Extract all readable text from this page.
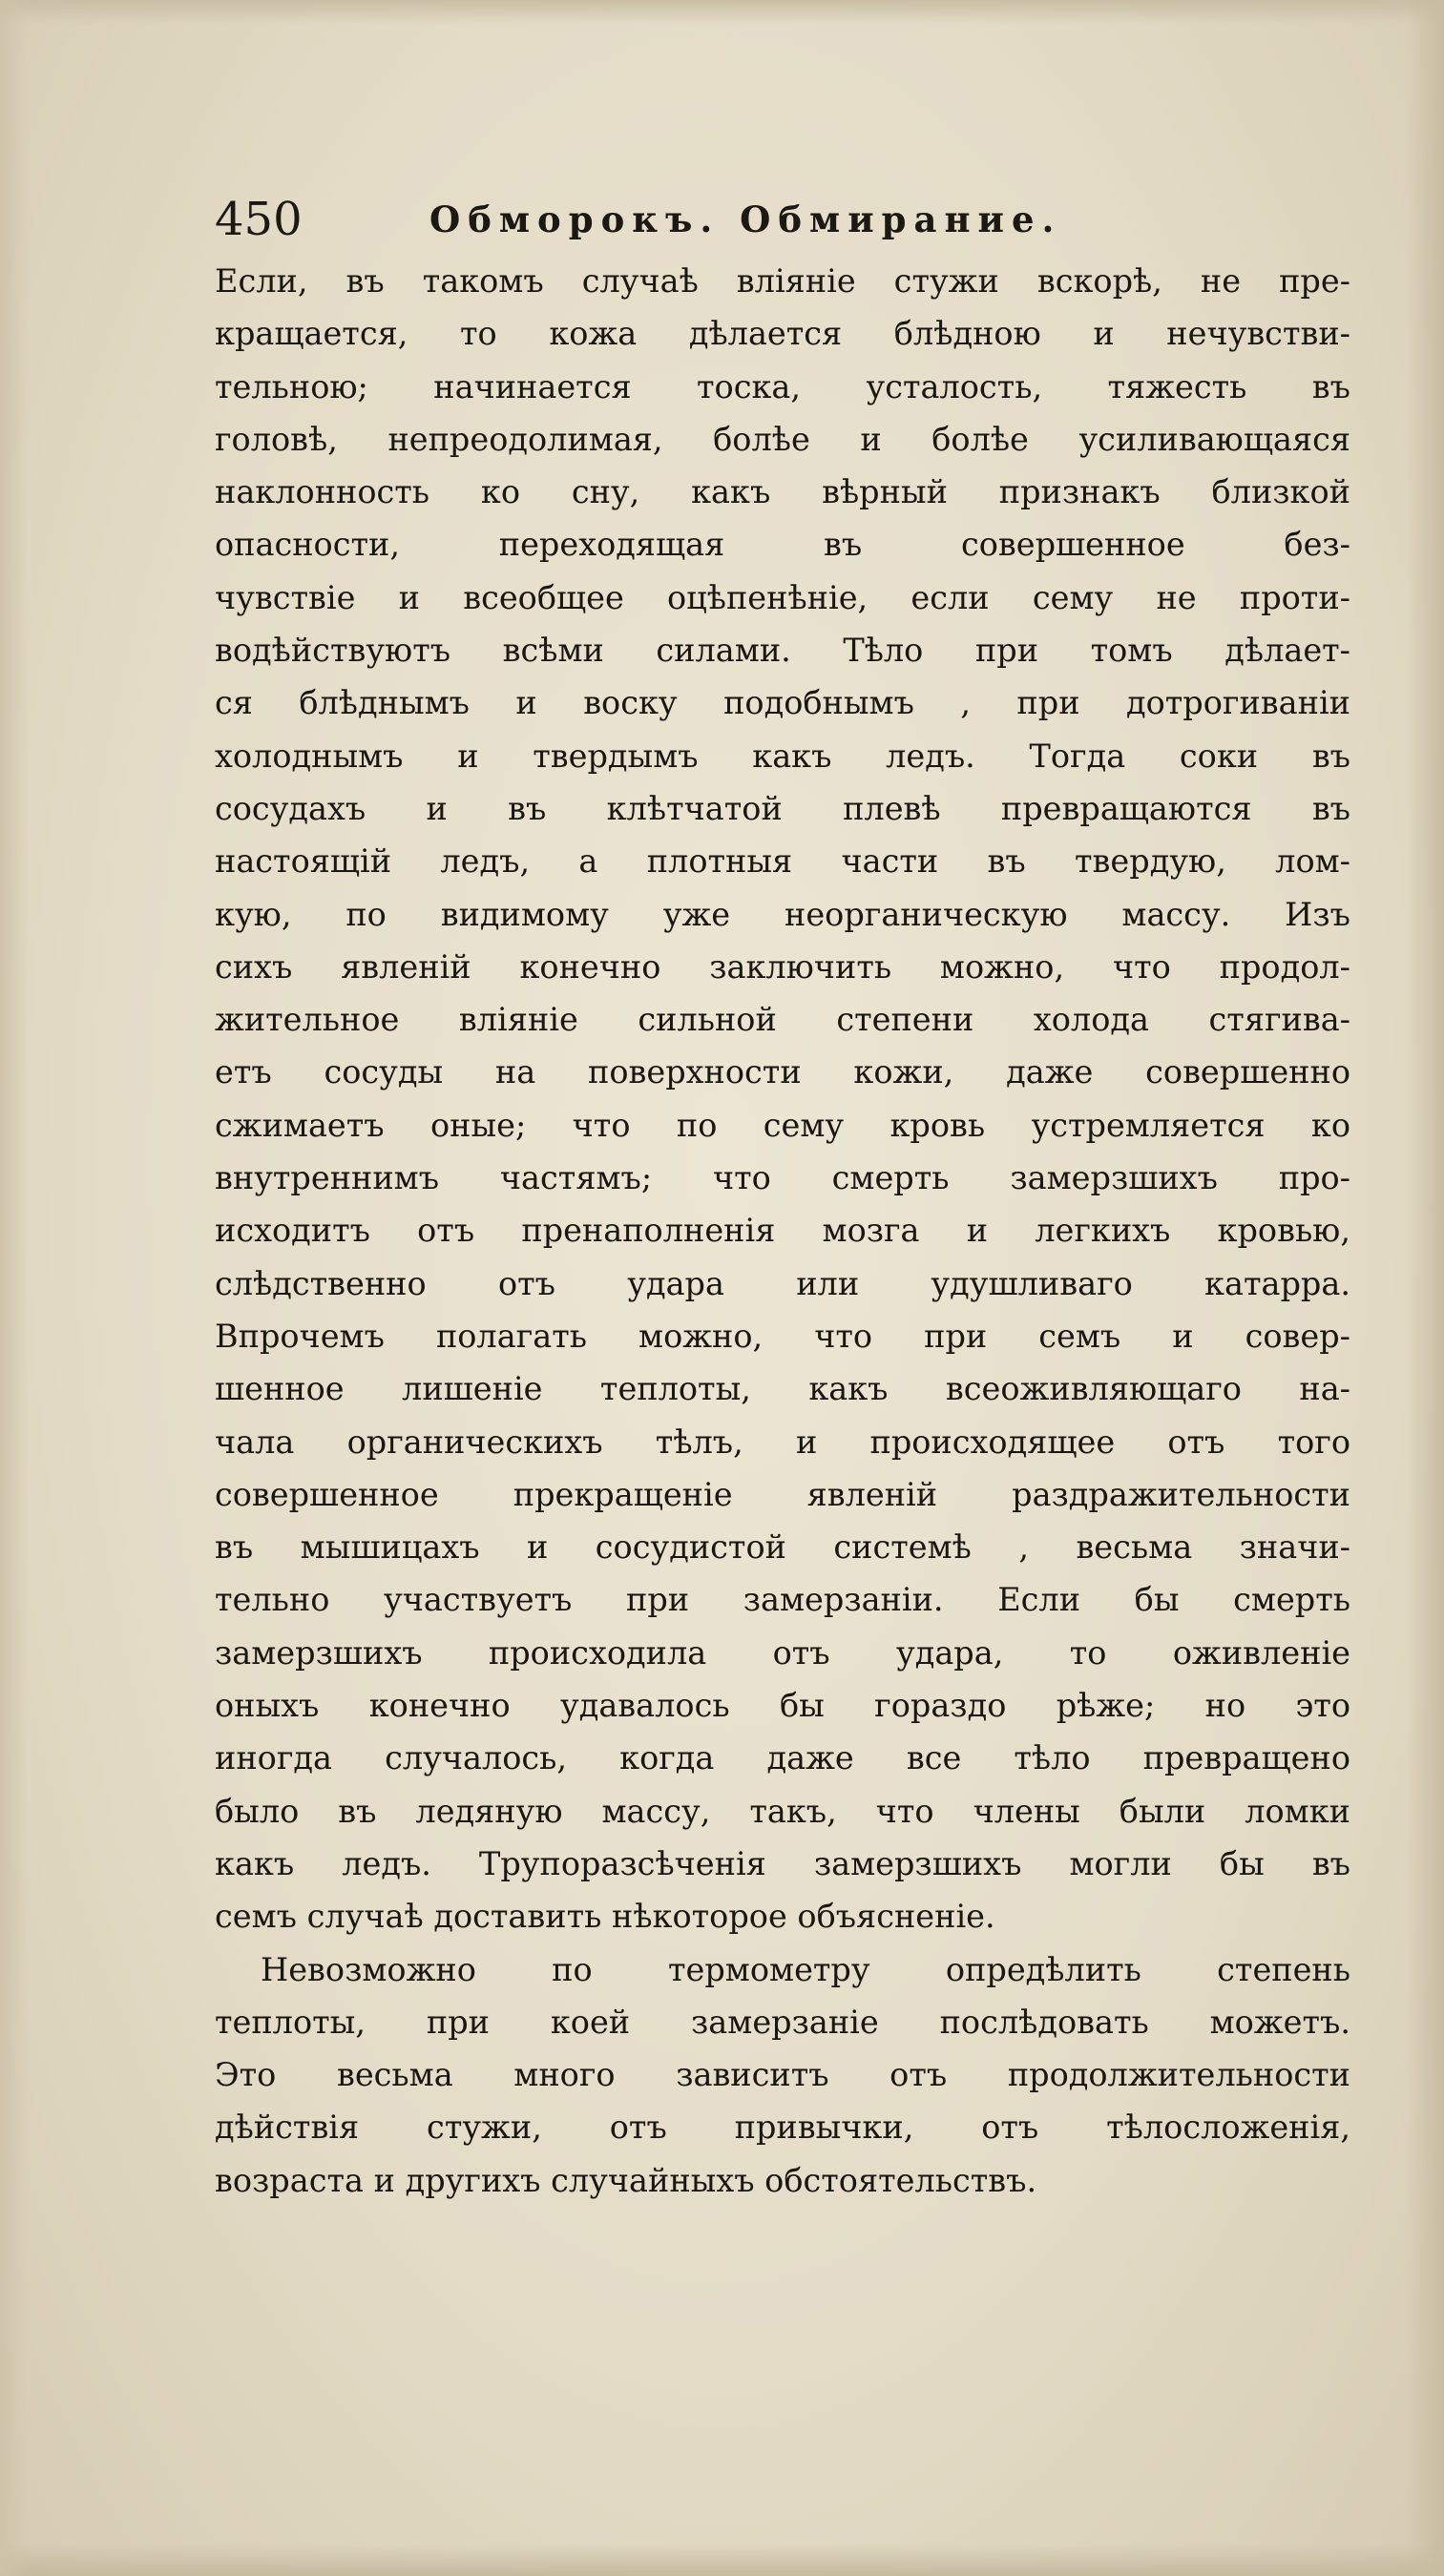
450	Обморокъ. Обмирание.
Если, въ такомъ случаѣ вліяніе стужи вскорѣ, не пре-
кращается, то кожа дѣлается блѣдною и нечувстви-
тельною; начинается тоска, усталость, тяжесть въ
головѣ, непреодолимая, болѣе и болѣе усиливающаяся
наклонность ко сну, какъ вѣрный признакъ близкой
опасности, переходящая въ совершенное без-
чувствіе и всеобщее оцѣпенѣніе, если сему не проти-
водѣйствуютъ всѣми силами. Тѣло при томъ дѣлает-
ся блѣднымъ и воску подобнымъ , при дотрогиваніи
холоднымъ и твердымъ какъ ледъ. Тогда соки въ
сосудахъ и въ клѣтчатой плевѣ превращаются въ
настоящій ледъ, а плотныя части въ твердую, лом-
кую, по видимому уже неорганическую массу. Изъ
сихъ явленій конечно заключить можно, что продол-
жительное вліяніе сильной степени холода стягива-
етъ сосуды на поверхности кожи, даже совершенно
сжимаетъ оные; что по сему кровь устремляется ко
внутреннимъ частямъ; что смерть замерзшихъ про-
исходитъ отъ пренаполненія мозга и легкихъ кровью,
слѣдственно отъ удара или удушливаго катарра.
Впрочемъ полагать можно, что при семъ и совер-
шенное лишеніе теплоты, какъ всеоживляющаго на-
чала органическихъ тѣлъ, и происходящее отъ того
совершенное прекращеніе явленій раздражительности
въ мышицахъ и сосудистой системѣ , весьма значи-
тельно участвуетъ при замерзаніи. Если бы смерть
замерзшихъ происходила отъ удара, то оживленіе
оныхъ конечно удавалось бы гораздо рѣже; но это
иногда случалось, когда даже все тѣло превращено
было въ ледяную массу, такъ, что члены были ломки
какъ ледъ. Трупоразсѣченія замерзшихъ могли бы въ
семъ случаѣ доставить нѣкоторое объясненіе.
Невозможно по термометру опредѣлить степень
теплоты, при коей замерзаніе послѣдовать можетъ.
Это весьма много зависитъ отъ продолжительности
дѣйствія стужи, отъ привычки, отъ тѣлосложенія,
возраста и другихъ случайныхъ обстоятельствъ.
